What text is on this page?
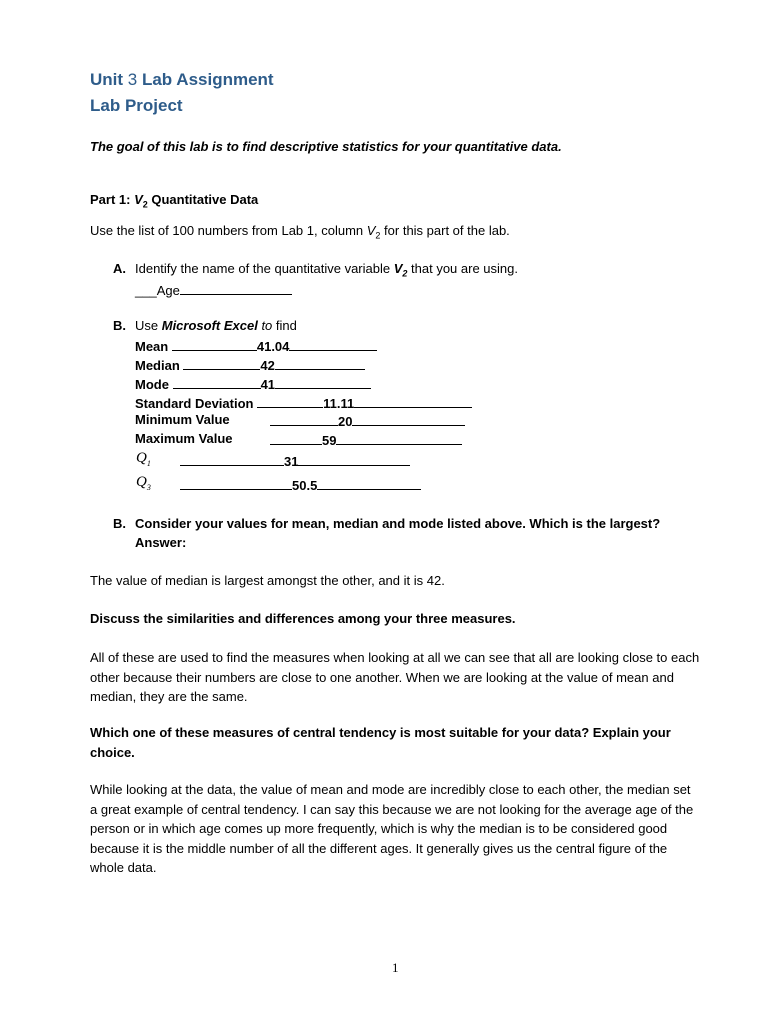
Unit 3 Lab Assignment
Lab Project
The goal of this lab is to find descriptive statistics for your quantitative data.
Part 1: $V_2$ Quantitative Data
Use the list of 100 numbers from Lab 1, column $V_2$ for this part of the lab.
A. Identify the name of the quantitative variable $V_2$ that you are using.
___Age
B. Use Microsoft Excel to find
Mean	41.04
Median	42
Mode	41
Standard Deviation	11.11
Minimum Value	20
Maximum Value	59
$Q_1$	31
$Q_3$	50.5
B. Consider your values for mean, median and mode listed above. Which is the largest?
Answer:
The value of median is largest amongst the other, and it is 42.
Discuss the similarities and differences among your three measures.
All of these are used to find the measures when looking at all we can see that all are looking close to each other because their numbers are close to one another. When we are looking at the value of mean and median, they are the same.
Which one of these measures of central tendency is most suitable for your data? Explain your choice.
While looking at the data, the value of mean and mode are incredibly close to each other, the median set a great example of central tendency. I can say this because we are not looking for the average age of the person or in which age comes up more frequently, which is why the median is to be considered good because it is the middle number of all the different ages. It generally gives us the central figure of the whole data.
1
